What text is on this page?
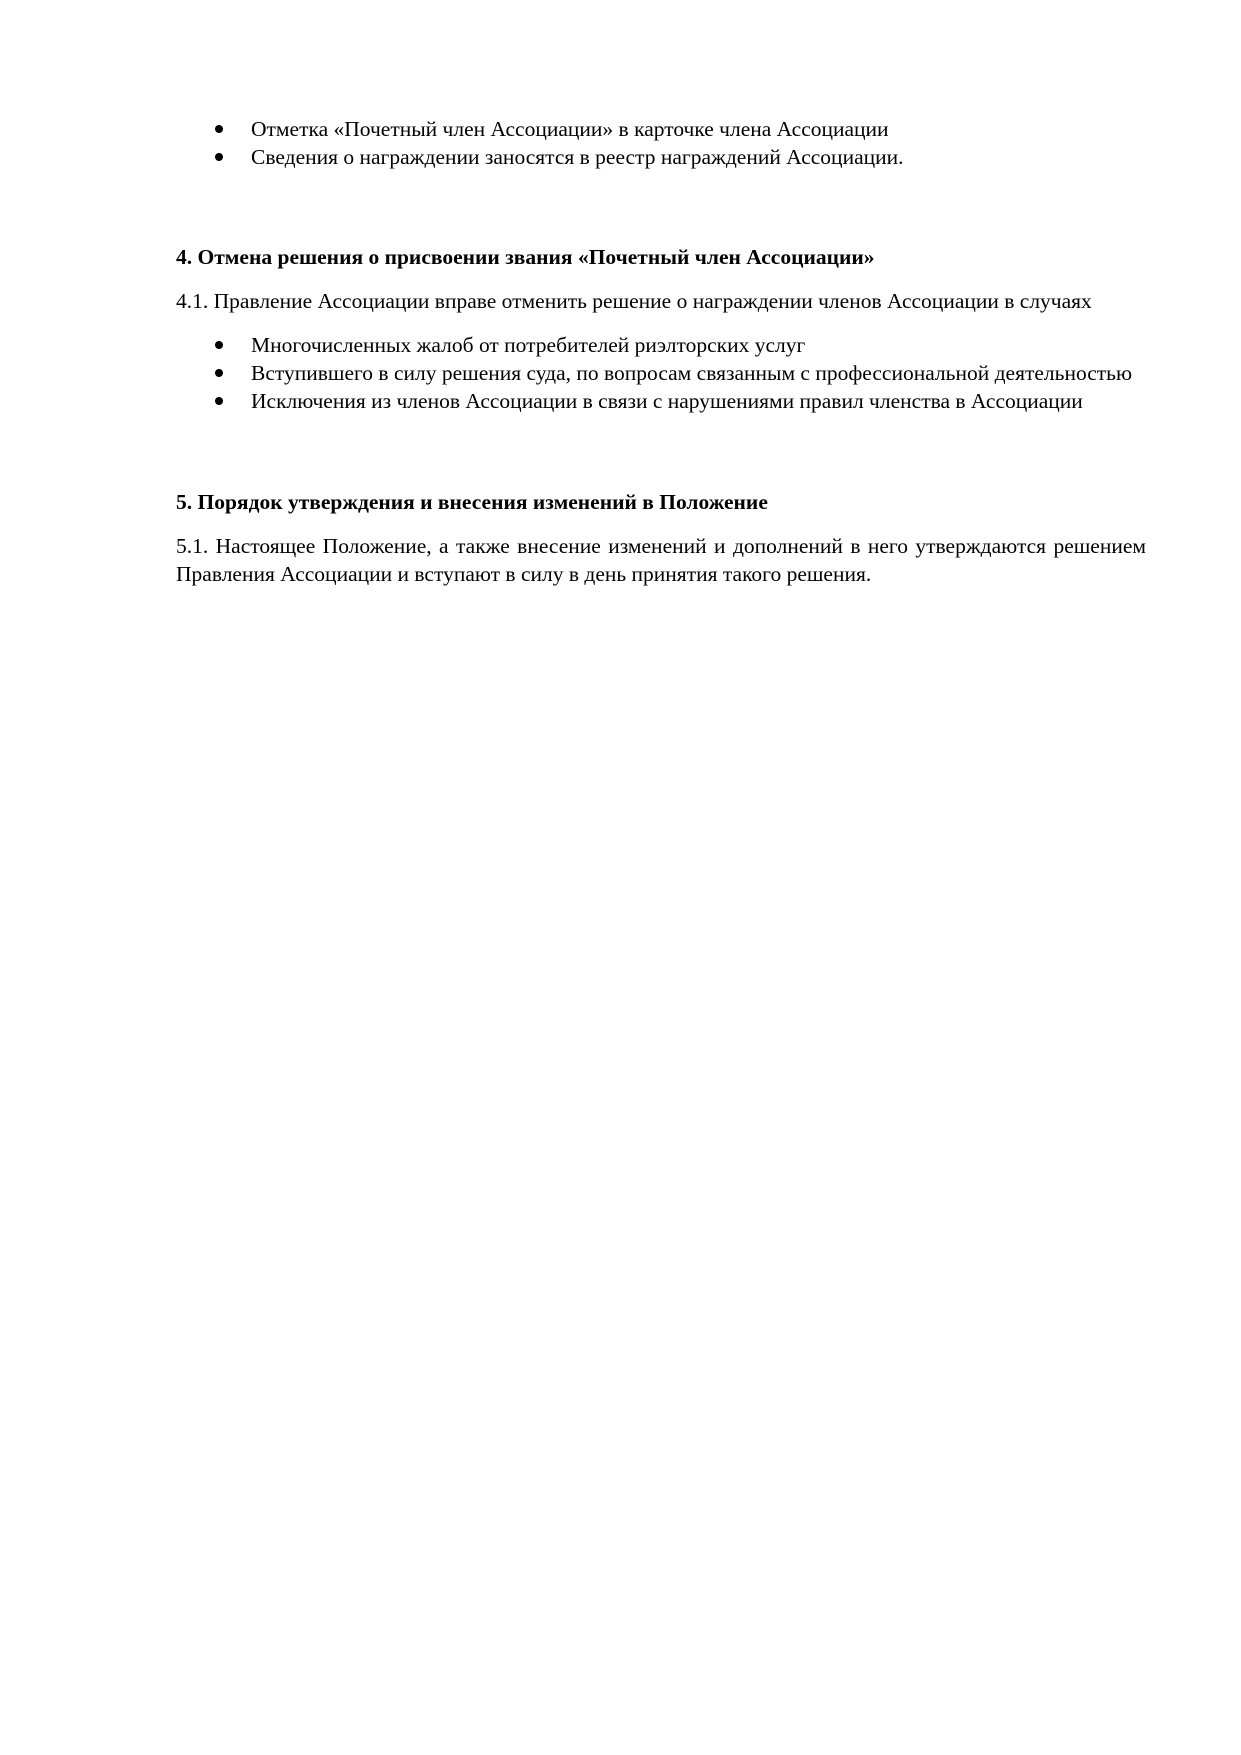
Отметка «Почетный член Ассоциации» в карточке члена Ассоциации
Сведения о награждении заносятся в реестр награждений Ассоциации.

4. Отмена решения о присвоении звания «Почетный член Ассоциации»

4.1. Правление Ассоциации вправе отменить решение о награждении членов Ассоциации в случаях

Многочисленных жалоб от потребителей риэлторских услуг
Вступившего в силу решения суда, по вопросам связанным с профессиональной деятельностью
Исключения из членов Ассоциации в связи с нарушениями правил членства в Ассоциации

5. Порядок утверждения и внесения изменений в Положение

5.1. Настоящее Положение, а также внесение изменений и дополнений в него утверждаются решением Правления Ассоциации и вступают в силу в день принятия такого решения.
